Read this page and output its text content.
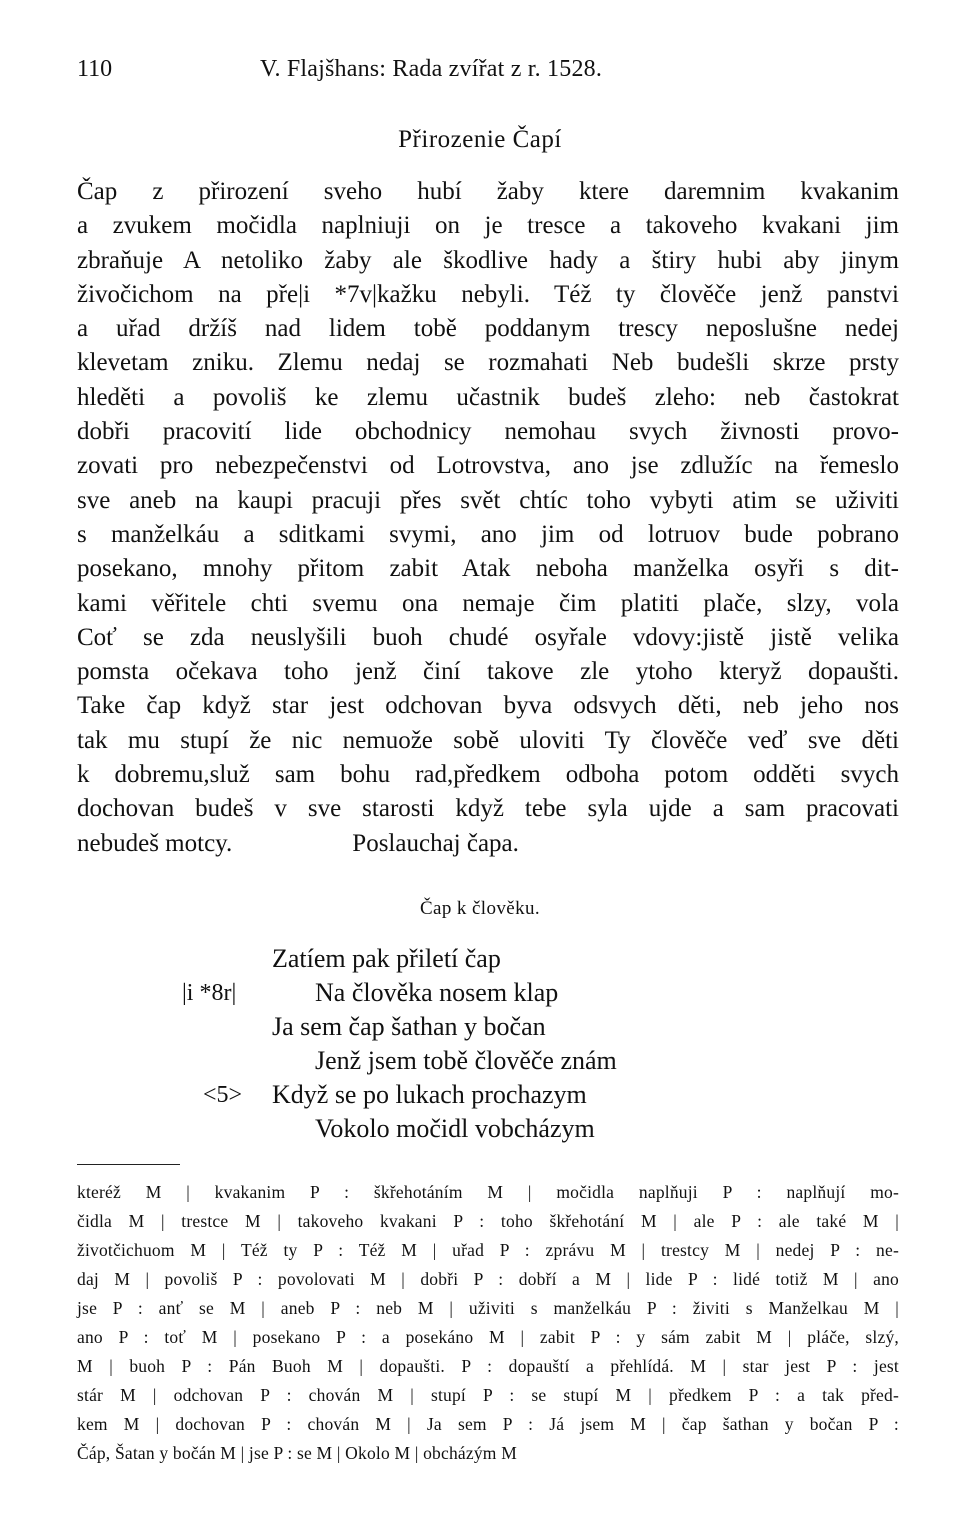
110	V. Flajšhans: Rada zvířat z r. 1528.
Přirozenie Čapí
Čap z přirození sveho hubí žaby ktere daremnim kvakanim
a zvukem močidla naplniuji on je tresce a takoveho kvakani jim
zbraňuje A netoliko žaby ale škodlive hady a štiry hubi aby jinym
živočichom na pře|i *7v|kažku nebyli. Též ty člověče jenž panstvi
a uřad držíš nad lidem tobě poddanym trescy neposlušne nedej
klevetam zniku. Zlemu nedaj se rozmahati Neb budešli skrze prsty
hleděti a povoliš ke zlemu učastnik budeš zleho: neb častokrat
dobři pracovití lide obchodnicy nemohau svych živnosti provo-
zovati pro nebezpečenstvi od Lotrovstva, ano jse zdlužíc na řemeslo
sve aneb na kaupi pracuji přes svět chtíc toho vybyti atim se uživiti
s manželkáu a sditkami svymi, ano jim od lotruov bude pobrano
posekano, mnohy přitom zabit Atak neboha manželka osyři s dit-
kami věřitele chti svemu ona nemaje čim platiti plače, slzy, vola
Coť se zda neuslyšili buoh chudé osyřale vdovy:jistě jistě velika
pomsta očekava toho jenž činí takove zle ytoho kteryž dopaušti.
Take čap když star jest odchovan byva odsvych děti, neb jeho nos
tak mu stupí že nic nemuože sobě uloviti Ty člověče veď sve děti
k dobremu,služ sam bohu rad,předkem odboha potom odděti svych
dochovan budeš v sve starosti když tebe syla ujde a sam pracovati
nebudeš motcy.	Poslauchaj čapa.
Čap k člověku.
|i *8r|
<5>
Zatíem pak přiletí čap
Na člověka nosem klap
Ja sem čap šathan y bočan
Jenž jsem tobě člověče znám
Když se po lukach prochazym
Vokolo močidl vobcházym
kteréž M | kvakanim P : škřehotáním M | močidla naplňuji P : naplňují mo-
čidla M | trestce M | takoveho kvakani P : toho škřehotání M | ale P : ale také M |
životčichuom M | Též ty P : Též M | uřad P : zprávu M | trestcy M | nedej P : ne-
daj M | povoliš P : povolovati M | dobři P : dobří a M | lide P : lidé totiž M | ano
jse P : anť se M | aneb P : neb M | uživiti s manželkáu P : živiti s Manželkau M |
ano P : toť M | posekano P : a posekáno M | zabit P : y sám zabit M | pláče, slzý,
M | buoh P : Pán Buoh M | dopaušti. P : dopauští a přehlídá. M | star jest P : jest
stár M | odchovan P : chován M | stupí P : se stupí M | předkem P : a tak před-
kem M | dochovan P : chován M | Ja sem P : Já jsem M | čap šathan y bočan P :
Čáp, Šatan y bočán M | jse P : se M | Okolo M | obcházým M
